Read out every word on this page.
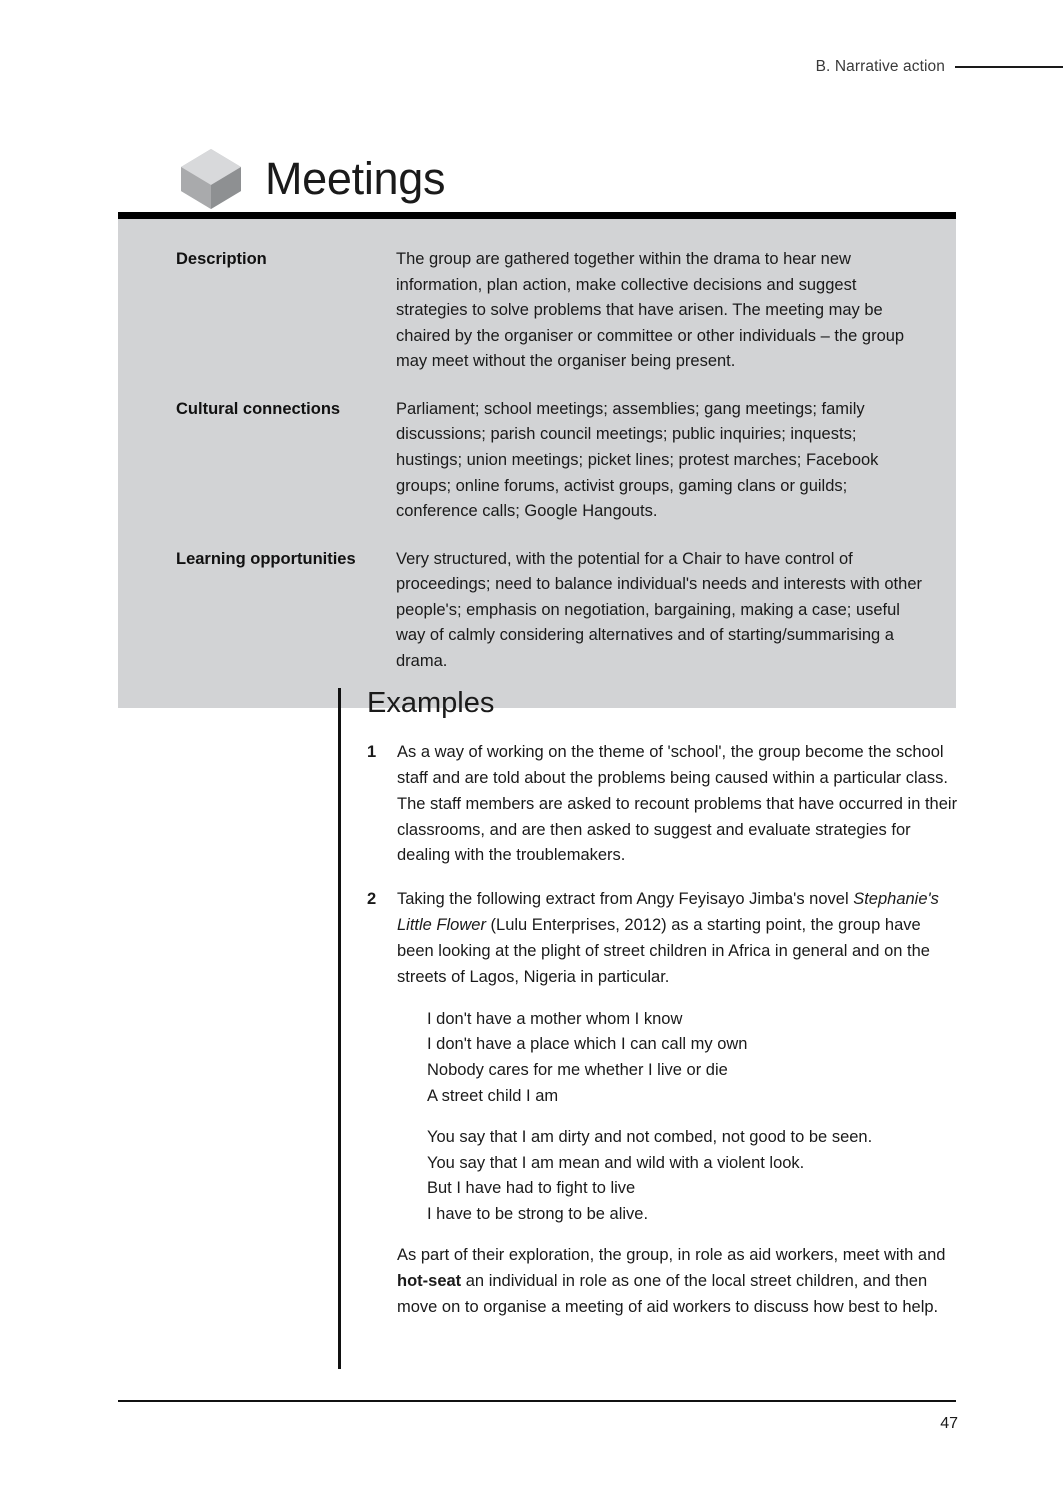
B. Narrative action
Meetings
Description	The group are gathered together within the drama to hear new information, plan action, make collective decisions and suggest strategies to solve problems that have arisen. The meeting may be chaired by the organiser or committee or other individuals – the group may meet without the organiser being present.
Cultural connections	Parliament; school meetings; assemblies; gang meetings; family discussions; parish council meetings; public inquiries; inquests; hustings; union meetings; picket lines; protest marches; Facebook groups; online forums, activist groups, gaming clans or guilds; conference calls; Google Hangouts.
Learning opportunities	Very structured, with the potential for a Chair to have control of proceedings; need to balance individual's needs and interests with other people's; emphasis on negotiation, bargaining, making a case; useful way of calmly considering alternatives and of starting/summarising a drama.
Examples
1	As a way of working on the theme of 'school', the group become the school staff and are told about the problems being caused within a particular class. The staff members are asked to recount problems that have occurred in their classrooms, and are then asked to suggest and evaluate strategies for dealing with the troublemakers.
2	Taking the following extract from Angy Feyisayo Jimba's novel Stephanie's Little Flower (Lulu Enterprises, 2012) as a starting point, the group have been looking at the plight of street children in Africa in general and on the streets of Lagos, Nigeria in particular.
I don't have a mother whom I know
I don't have a place which I can call my own
Nobody cares for me whether I live or die
A street child I am
You say that I am dirty and not combed, not good to be seen.
You say that I am mean and wild with a violent look.
But I have had to fight to live
I have to be strong to be alive.
As part of their exploration, the group, in role as aid workers, meet with and hot-seat an individual in role as one of the local street children, and then move on to organise a meeting of aid workers to discuss how best to help.
47
